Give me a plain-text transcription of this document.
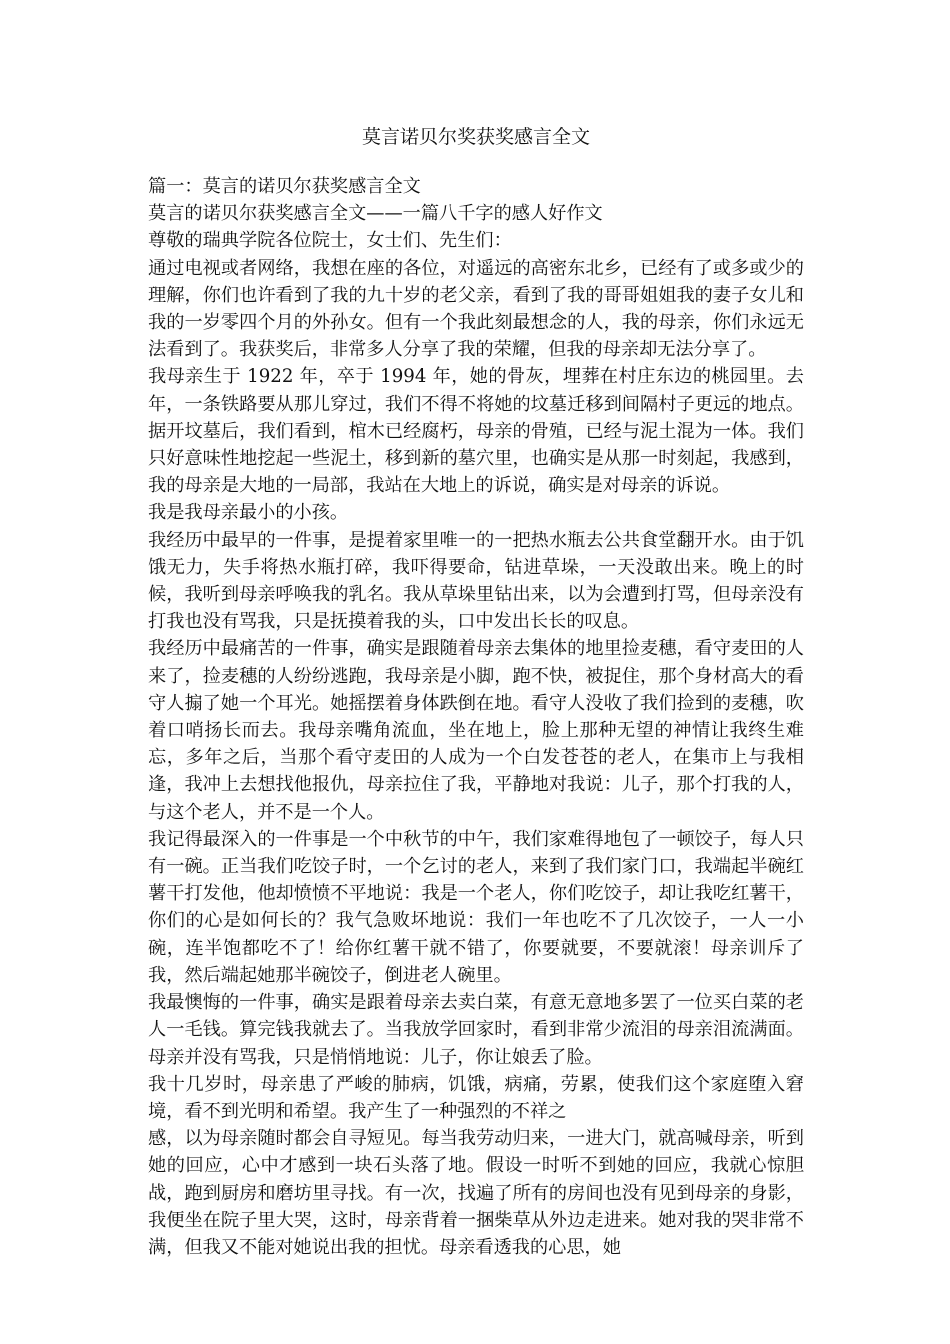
莫言诺贝尔奖获奖感言全文

篇一：莫言的诺贝尔获奖感言全文

莫言的诺贝尔获奖感言全文——一篇八千字的感人好作文

尊敬的瑞典学院各位院士，女士们、先生们：

通过电视或者网络，我想在座的各位，对遥远的高密东北乡，已经有了或多或少的理解，你们也许看到了我的九十岁的老父亲，看到了我的哥哥姐姐我的妻子女儿和我的一岁零四个月的外孙女。但有一个我此刻最想念的人，我的母亲，你们永远无法看到了。我获奖后，非常多人分享了我的荣耀，但我的母亲却无法分享了。

我母亲生于 1922 年，卒于 1994 年，她的骨灰，埋葬在村庄东边的桃园里。去年，一条铁路要从那儿穿过，我们不得不将她的坟墓迁移到间隔村子更远的地点。据开坟墓后，我们看到，棺木已经腐朽，母亲的骨殖，已经与泥土混为一体。我们只好意味性地挖起一些泥土，移到新的墓穴里，也确实是从那一时刻起，我感到，我的母亲是大地的一局部，我站在大地上的诉说，确实是对母亲的诉说。

我是我母亲最小的小孩。

我经历中最早的一件事，是提着家里唯一的一把热水瓶去公共食堂翻开水。由于饥饿无力，失手将热水瓶打碎，我吓得要命，钻进草垛，一天没敢出来。晚上的时候，我听到母亲呼唤我的乳名。我从草垛里钻出来，以为会遭到打骂，但母亲没有打我也没有骂我，只是抚摸着我的头，口中发出长长的叹息。

我经历中最痛苦的一件事，确实是跟随着母亲去集体的地里捡麦穗，看守麦田的人来了，捡麦穗的人纷纷逃跑，我母亲是小脚，跑不快，被捉住，那个身材高大的看守人搧了她一个耳光。她摇摆着身体跌倒在地。看守人没收了我们捡到的麦穗，吹着口哨扬长而去。我母亲嘴角流血，坐在地上，脸上那种无望的神情让我终生难忘，多年之后，当那个看守麦田的人成为一个白发苍苍的老人，在集市上与我相逢，我冲上去想找他报仇，母亲拉住了我，平静地对我说：儿子，那个打我的人，与这个老人，并不是一个人。

我记得最深入的一件事是一个中秋节的中午，我们家难得地包了一顿饺子，每人只有一碗。正当我们吃饺子时，一个乞讨的老人，来到了我们家门口，我端起半碗红薯干打发他，他却愤愤不平地说：我是一个老人，你们吃饺子，却让我吃红薯干，你们的心是如何长的？我气急败坏地说：我们一年也吃不了几次饺子，一人一小碗，连半饱都吃不了！给你红薯干就不错了，你要就要，不要就滚！母亲训斥了我，然后端起她那半碗饺子，倒进老人碗里。

我最懊悔的一件事，确实是跟着母亲去卖白菜，有意无意地多罢了一位买白菜的老人一毛钱。算完钱我就去了。当我放学回家时，看到非常少流泪的母亲泪流满面。母亲并没有骂我，只是悄悄地说：儿子，你让娘丢了脸。

我十几岁时，母亲患了严峻的肺病，饥饿，病痛，劳累，使我们这个家庭堕入窘境，看不到光明和希望。我产生了一种强烈的不祥之

感，以为母亲随时都会自寻短见。每当我劳动归来，一进大门，就高喊母亲，听到她的回应，心中才感到一块石头落了地。假设一时听不到她的回应，我就心惊胆战，跑到厨房和磨坊里寻找。有一次，找遍了所有的房间也没有见到母亲的身影，我便坐在院子里大哭，这时，母亲背着一捆柴草从外边走进来。她对我的哭非常不满，但我又不能对她说出我的担忧。母亲看透我的心思，她
